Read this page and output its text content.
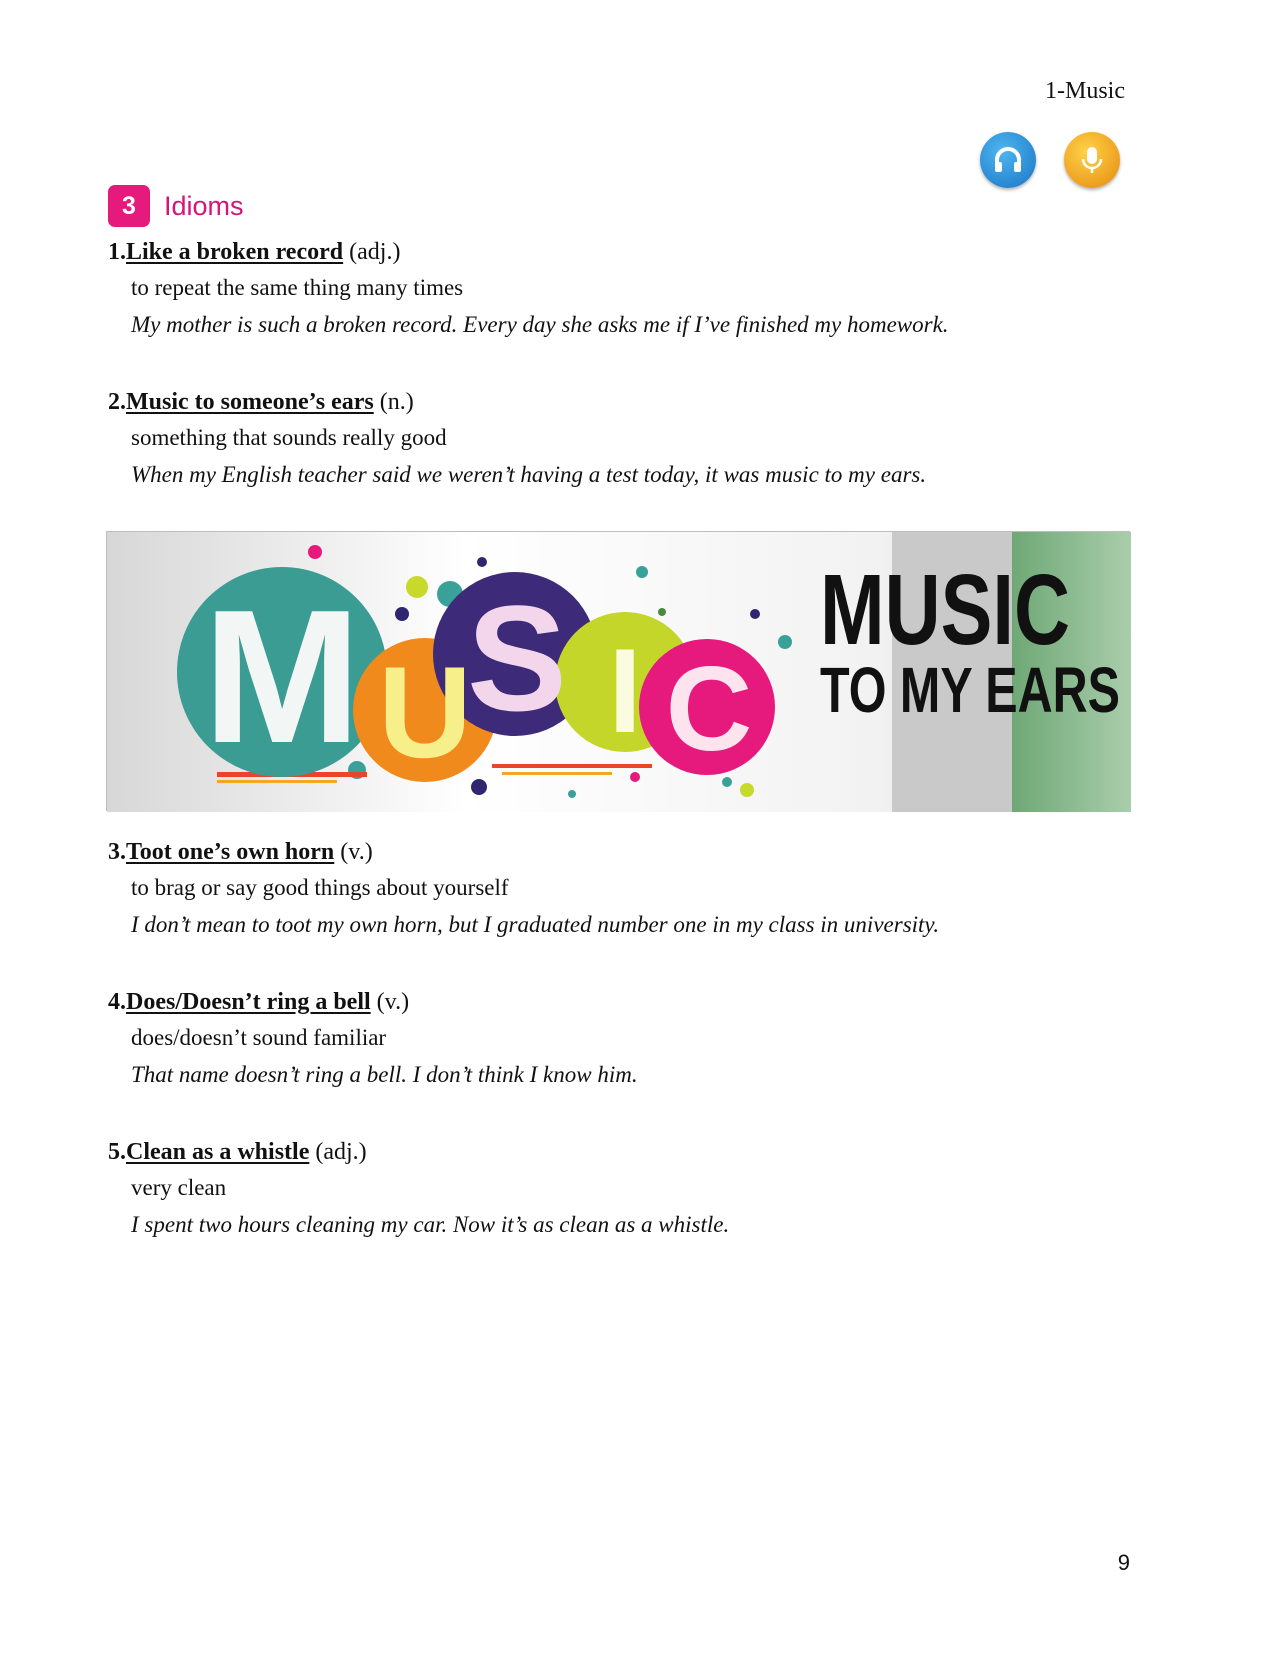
1-Music
3	Idioms
1.Like a broken record (adj.)
to repeat the same thing many times
My mother is such a broken record. Every day she asks me if I’ve finished my homework.
2.Music to someone’s ears (n.)
something that sounds really good
When my English teacher said we weren’t having a test today, it was music to my ears.
M U
S I C
MUSIC
TO MY EARS
3.Toot one’s own horn (v.)
to brag or say good things about yourself
I don’t mean to toot my own horn, but I graduated number one in my class in university.
4.Does/Doesn’t ring a bell (v.)
does/doesn’t sound familiar
That name doesn’t ring a bell. I don’t think I know him.
5.Clean as a whistle (adj.)
very clean
I spent two hours cleaning my car. Now it’s as clean as a whistle.
9
